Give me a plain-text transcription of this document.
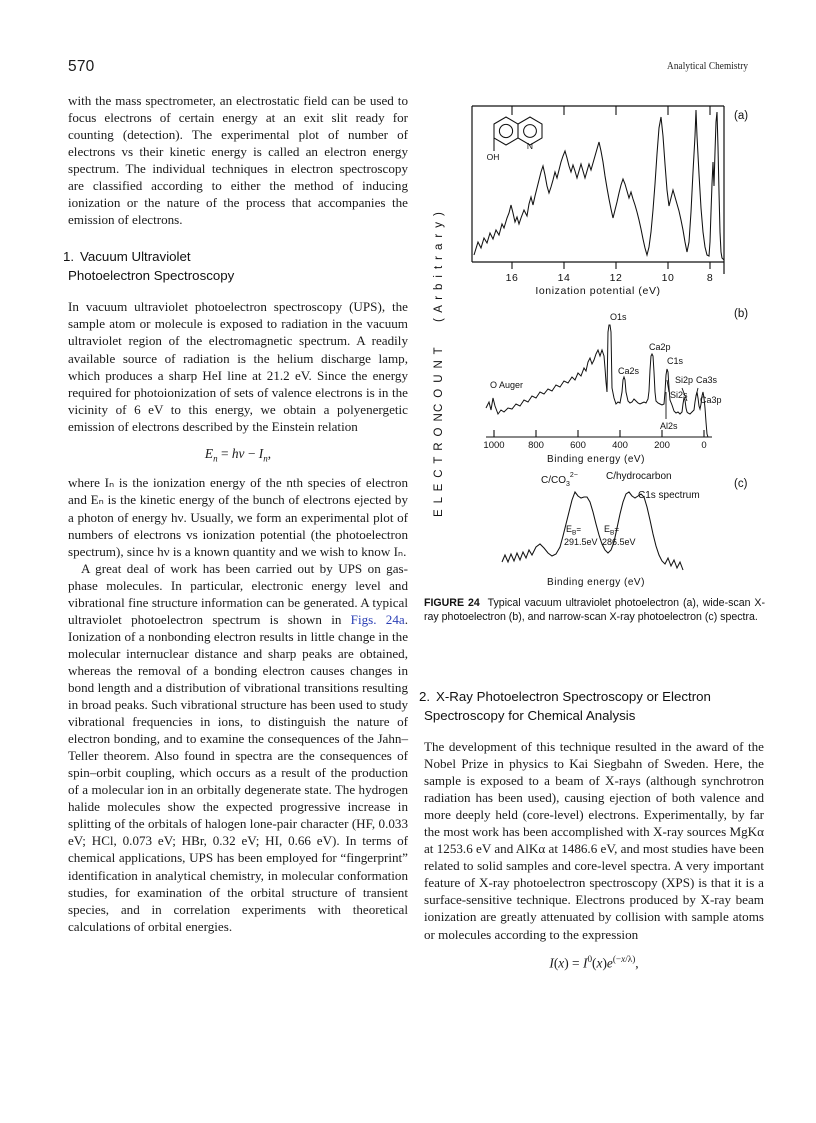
570	Analytical Chemistry

with the mass spectrometer, an electrostatic field can be used to focus electrons of certain energy at an exit slit ready for counting (detection). The experimental plot of number of electrons vs their kinetic energy is called an electron energy spectrum. The individual techniques in electron spectroscopy are classified according to either the method of inducing ionization or the nature of the process that accompanies the emission of electrons.

1. Vacuum Ultraviolet
Photoelectron Spectroscopy

In vacuum ultraviolet photoelectron spectroscopy (UPS), the sample atom or molecule is exposed to radiation in the vacuum ultraviolet region of the electromagnetic spectrum. A readily available source of radiation is the helium discharge lamp, which produces a sharp HeI line at 21.2 eV. Since the energy required for photoionization of sets of valence electrons is in the vicinity of 6 eV to this energy, we obtain a polyenergetic emission of electrons described by the Einstein relation

$E_n = h\nu - I_n$,

where Iₙ is the ionization energy of the nth species of electron and Eₙ is the kinetic energy of the bunch of electrons ejected by a photon of energy hν. Usually, we form an experimental plot of numbers of electrons vs ionization potential (the photoelectron spectrum), since hν is a known quantity and we wish to know Iₙ.

A great deal of work has been carried out by UPS on gas-phase molecules. In particular, electronic energy level and vibrational fine structure information can be generated. A typical ultraviolet photoelectron spectrum is shown in Figs. 24a. Ionization of a nonbonding electron results in little change in the molecular internuclear distance and sharp peaks are obtained, whereas the removal of a bonding electron causes changes in bond length and a distribution of vibrational transitions resulting in broad peaks. Such vibrational structure has been used to study vibrational frequencies in ions, to distinguish the nature of electron bonding, and to examine the consequences of the Jahn–Teller theorem. Also found in spectra are the consequences of spin–orbit coupling, which occurs as a result of the production of a molecular ion in an orbitally degenerate state. The hydrogen halide molecules show the expected progressive increase in splitting of the orbitals of halogen lone-pair character (HF, 0.033 eV; HCl, 0.073 eV; HBr, 0.32 eV; HI, 0.66 eV). In terms of chemical applications, UPS has been employed for “fingerprint” identification in analytical chemistry, in molecular conformation studies, for examination of the orbital structure of transient species, and in correlation experiments with theoretical calculations of orbital energies.

( A r b i t r a r y )
C O U N T
E L E C T R O N
16	14	12	10	8
Ionization potential (eV)
(a)
N
OH
(b)
1000 800	600	400	200	0
Binding energy (eV)
O Auger
O1s
Ca2s
Ca2p
C1s
Si2s
Si2p Ca3s
Ca3p
Al2s
(c)
$C/CO_3^{2-}$	C/hydrocarbon
C1s spectrum
$E_B=$
291.5eV
$E_B=$
286.5eV
Binding energy (eV)
FIGURE 24 Typical vacuum ultraviolet photoelectron (a), wide-scan X-ray photoelectron (b), and narrow-scan X-ray photoelectron (c) spectra.
2. X-Ray Photoelectron Spectroscopy or Electron
Spectroscopy for Chemical Analysis

The development of this technique resulted in the award of the Nobel Prize in physics to Kai Siegbahn of Sweden. Here, the sample is exposed to a beam of X-rays (although synchrotron radiation has been used), causing ejection of both valence and more deeply held (core-level) electrons. Experimentally, by far the most work has been accomplished with X-ray sources MgKα at 1253.6 eV and AlKα at 1486.6 eV, and most studies have been related to solid samples and core-level spectra. A very important feature of X-ray photoelectron spectroscopy (XPS) is that it is a surface-sensitive technique. Electrons produced by X-ray beam ionization are greatly attenuated by collision with sample atoms or molecules according to the expression

$I(x) = I^0(x)e^{(-x/\lambda)}$,
